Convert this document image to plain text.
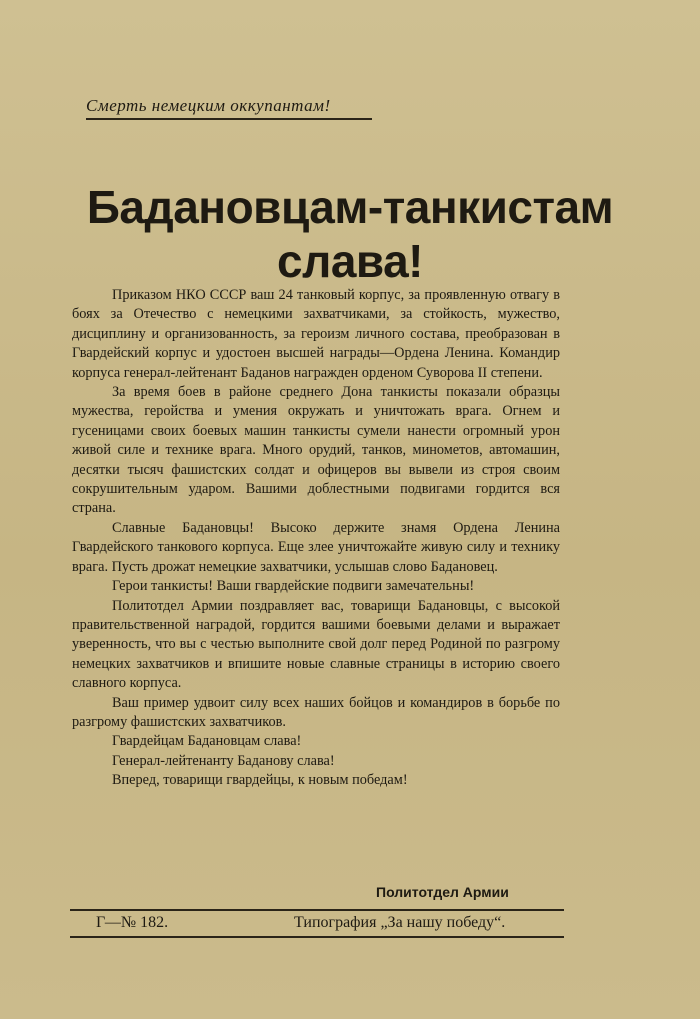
Смерть немецким оккупантам!
Бадановцам-танкистам
слава!

Приказом НКО СССР ваш 24 танковый корпус, за проявленную отвагу в боях за Отечество с немецкими захватчиками, за стойкость, мужество, дисциплину и организованность, за героизм личного состава, преобразован в Гвардейский корпус и удостоен высшей награды—Ордена Ленина. Командир корпуса генерал-лейтенант Баданов награжден орденом Суворова II степени.

За время боев в районе среднего Дона танкисты показали образцы мужества, геройства и умения окружать и уничтожать врага. Огнем и гусеницами своих боевых машин танкисты сумели нанести огромный урон живой силе и технике врага. Много орудий, танков, минометов, автомашин, десятки тысяч фашистских солдат и офицеров вы вывели из строя своим сокрушительным ударом. Вашими доблестными подвигами гордится вся страна.

Славные Бадановцы! Высоко держите знамя Ордена Ленина Гвардейского танкового корпуса. Еще злее уничтожайте живую силу и технику врага. Пусть дрожат немецкие захватчики, услышав слово Бадановец.

Герои танкисты! Ваши гвардейские подвиги замечательны!

Политотдел Армии поздравляет вас, товарищи Бадановцы, с высокой правительственной наградой, гордится вашими боевыми делами и выражает уверенность, что вы с честью выполните свой долг перед Родиной по разгрому немецких захватчиков и впишите новые славные страницы в историю своего славного корпуса.

Ваш пример удвоит силу всех наших бойцов и командиров в борьбе по разгрому фашистских захватчиков.

Гвардейцам Бадановцам слава!

Генерал-лейтенанту Баданову слава!

Вперед, товарищи гвардейцы, к новым победам!

Политотдел Армии
Г—№ 182.	Типография „За нашу победу“.
